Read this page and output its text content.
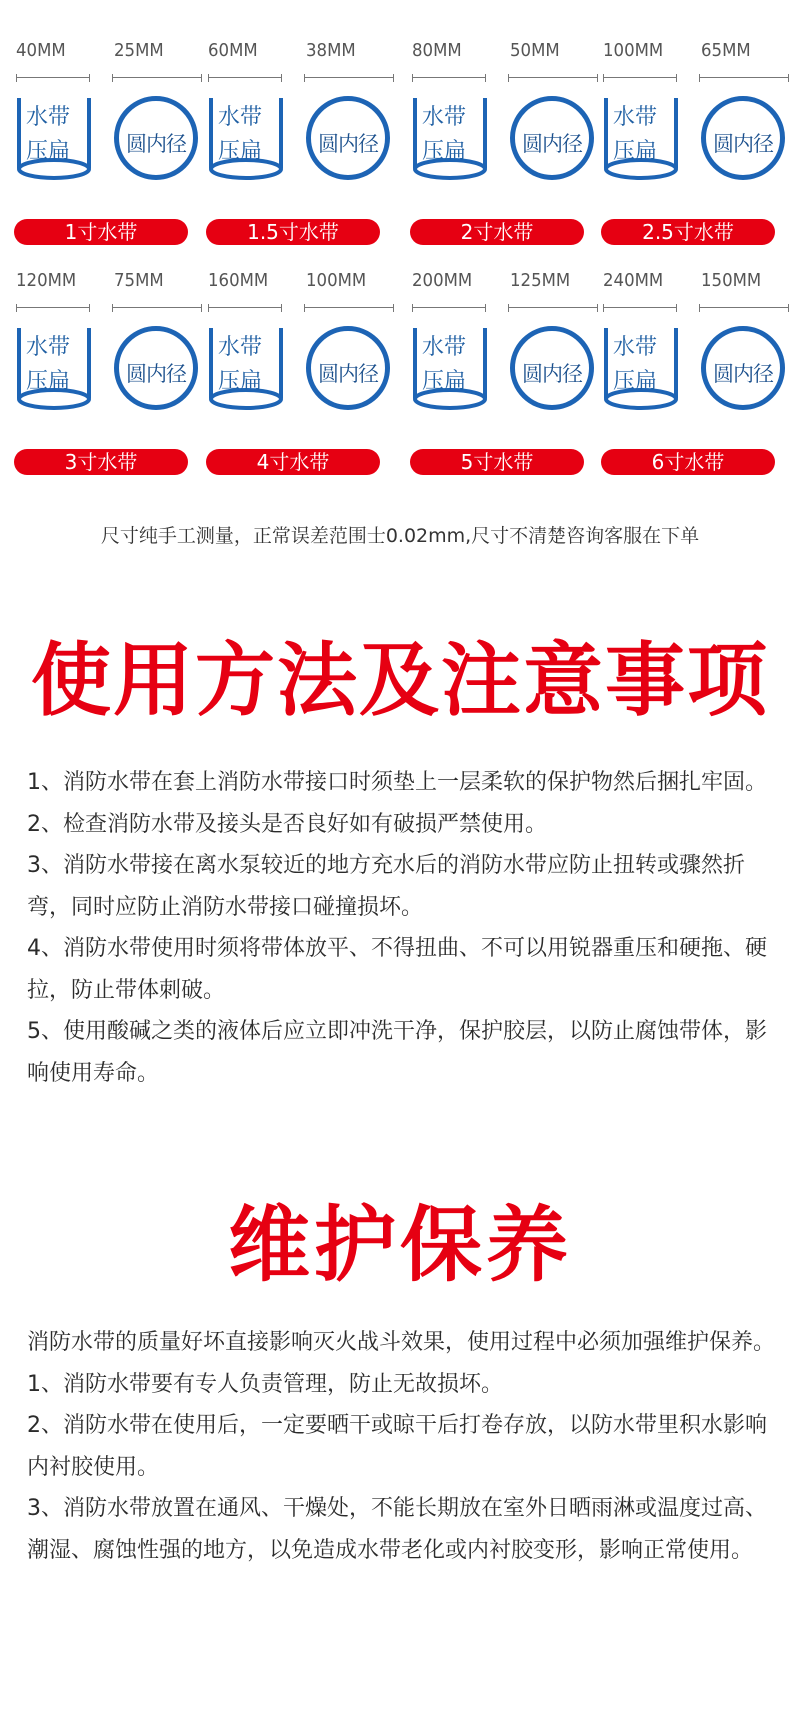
40MM	25MM
水带
压扁	圆内径
1寸水带
60MM	38MM
水带
压扁	圆内径
1.5寸水带
80MM	50MM
水带
压扁	圆内径
2寸水带
100MM 65MM
水带
压扁	圆内径
2.5寸水带
120MM 75MM
水带
压扁	圆内径
3寸水带
160MM 100MM
水带
压扁	圆内径
4寸水带
200MM 125MM
水带
压扁	圆内径
5寸水带
240MM 150MM
水带
压扁	圆内径
6寸水带
尺寸纯手工测量，正常误差范围士0.02mm,尺寸不清楚咨询客服在下单
使用方法及注意事项

1、消防水带在套上消防水带接口时须垫上一层柔软的保护物然后捆扎牢固。

2、检查消防水带及接头是否良好如有破损严禁使用。

3、消防水带接在离水泵较近的地方充水后的消防水带应防止扭转或骤然折弯，同时应防止消防水带接口碰撞损坏。

4、消防水带使用时须将带体放平、不得扭曲、不可以用锐器重压和硬拖、硬拉，防止带体刺破。

5、使用酸碱之类的液体后应立即冲洗干净，保护胶层，以防止腐蚀带体，影响使用寿命。

维护保养

消防水带的质量好坏直接影响灭火战斗效果，使用过程中必须加强维护保养。

1、消防水带要有专人负责管理，防止无故损坏。

2、消防水带在使用后，一定要晒干或晾干后打卷存放，以防水带里积水影响内衬胶使用。

3、消防水带放置在通风、干燥处，不能长期放在室外日晒雨淋或温度过高、潮湿、腐蚀性强的地方，以免造成水带老化或内衬胶变形，影响正常使用。
